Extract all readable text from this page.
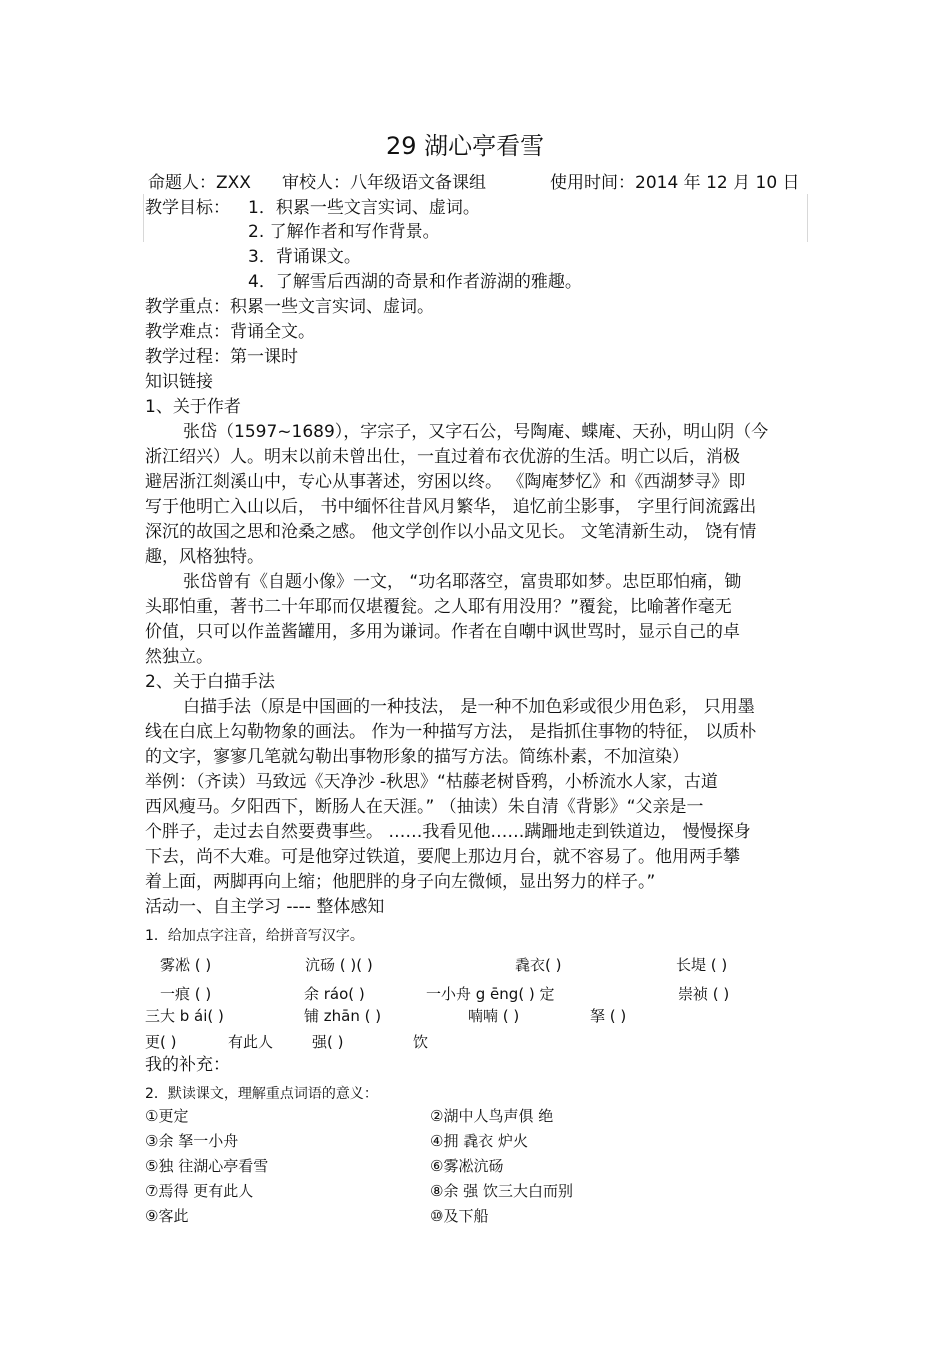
29 湖心亭看雪
命题人：ZXX 审校人：八年级语文备课组	使用时间：2014 年 12 月 10 日
教学目标： 1．积累一些文言实词、虚词。
2. 了解作者和写作背景。
3．背诵课文。
4．了解雪后西湖的奇景和作者游湖的雅趣。
教学重点：积累一些文言实词、虚词。
教学难点：背诵全文。
教学过程：第一课时
知识链接
1、关于作者
张岱（1597~1689），字宗子，又字石公，号陶庵、蝶庵、天孙，明山阴（今
浙江绍兴）人。明末以前未曾出仕，一直过着布衣优游的生活。明亡以后，消极
避居浙江剡溪山中，专心从事著述，穷困以终。 《陶庵梦忆》和《西湖梦寻》即
写于他明亡入山以后， 书中缅怀往昔风月繁华， 追忆前尘影事， 字里行间流露出
深沉的故国之思和沧桑之感。 他文学创作以小品文见长。 文笔清新生动， 饶有情
趣，风格独特。
张岱曾有《自题小像》一文， “功名耶落空，富贵耶如梦。忠臣耶怕痛，锄
头耶怕重，著书二十年耶而仅堪覆瓮。之人耶有用没用？”覆瓮，比喻著作毫无
价值，只可以作盖酱罐用，多用为谦词。作者在自嘲中讽世骂时，显示自己的卓
然独立。
2、关于白描手法
白描手法（原是中国画的一种技法， 是一种不加色彩或很少用色彩， 只用墨
线在白底上勾勒物象的画法。 作为一种描写方法， 是指抓住事物的特征， 以质朴
的文字，寥寥几笔就勾勒出事物形象的描写方法。简练朴素，不加渲染）
举例：（齐读）马致远《天净沙 -秋思》“枯藤老树昏鸦，小桥流水人家，古道
西风瘦马。夕阳西下，断肠人在天涯。” （抽读）朱自清《背影》“父亲是一
个胖子，走过去自然要费事些。 ……我看见他……蹒跚地走到铁道边， 慢慢探身
下去，尚不大难。可是他穿过铁道，要爬上那边月台，就不容易了。他用两手攀
着上面，两脚再向上缩；他肥胖的身子向左微倾，显出努力的样子。”
活动一、自主学习 ---- 整体感知
1．给加点字注音，给拼音写汉字。
雾凇 ( )	沆砀 ( )( )	毳衣( )	长堤 ( )
一痕 ( )	余 ráo( )	一小舟 g ēng( ) 定	崇祯 ( )
三大 b ái( )	铺 zhān ( )	喃喃 ( )	拏 ( )
更( )	有此人	强( )	饮
我的补充：
2．默读课文，理解重点词语的意义：
①更定	②湖中人鸟声俱 绝
③余 拏一小舟	④拥 毳衣 炉火
⑤独 往湖心亭看雪	⑥雾凇沆砀
⑦焉得 更有此人	⑧余 强 饮三大白而别
⑨客此	⑩及下船
